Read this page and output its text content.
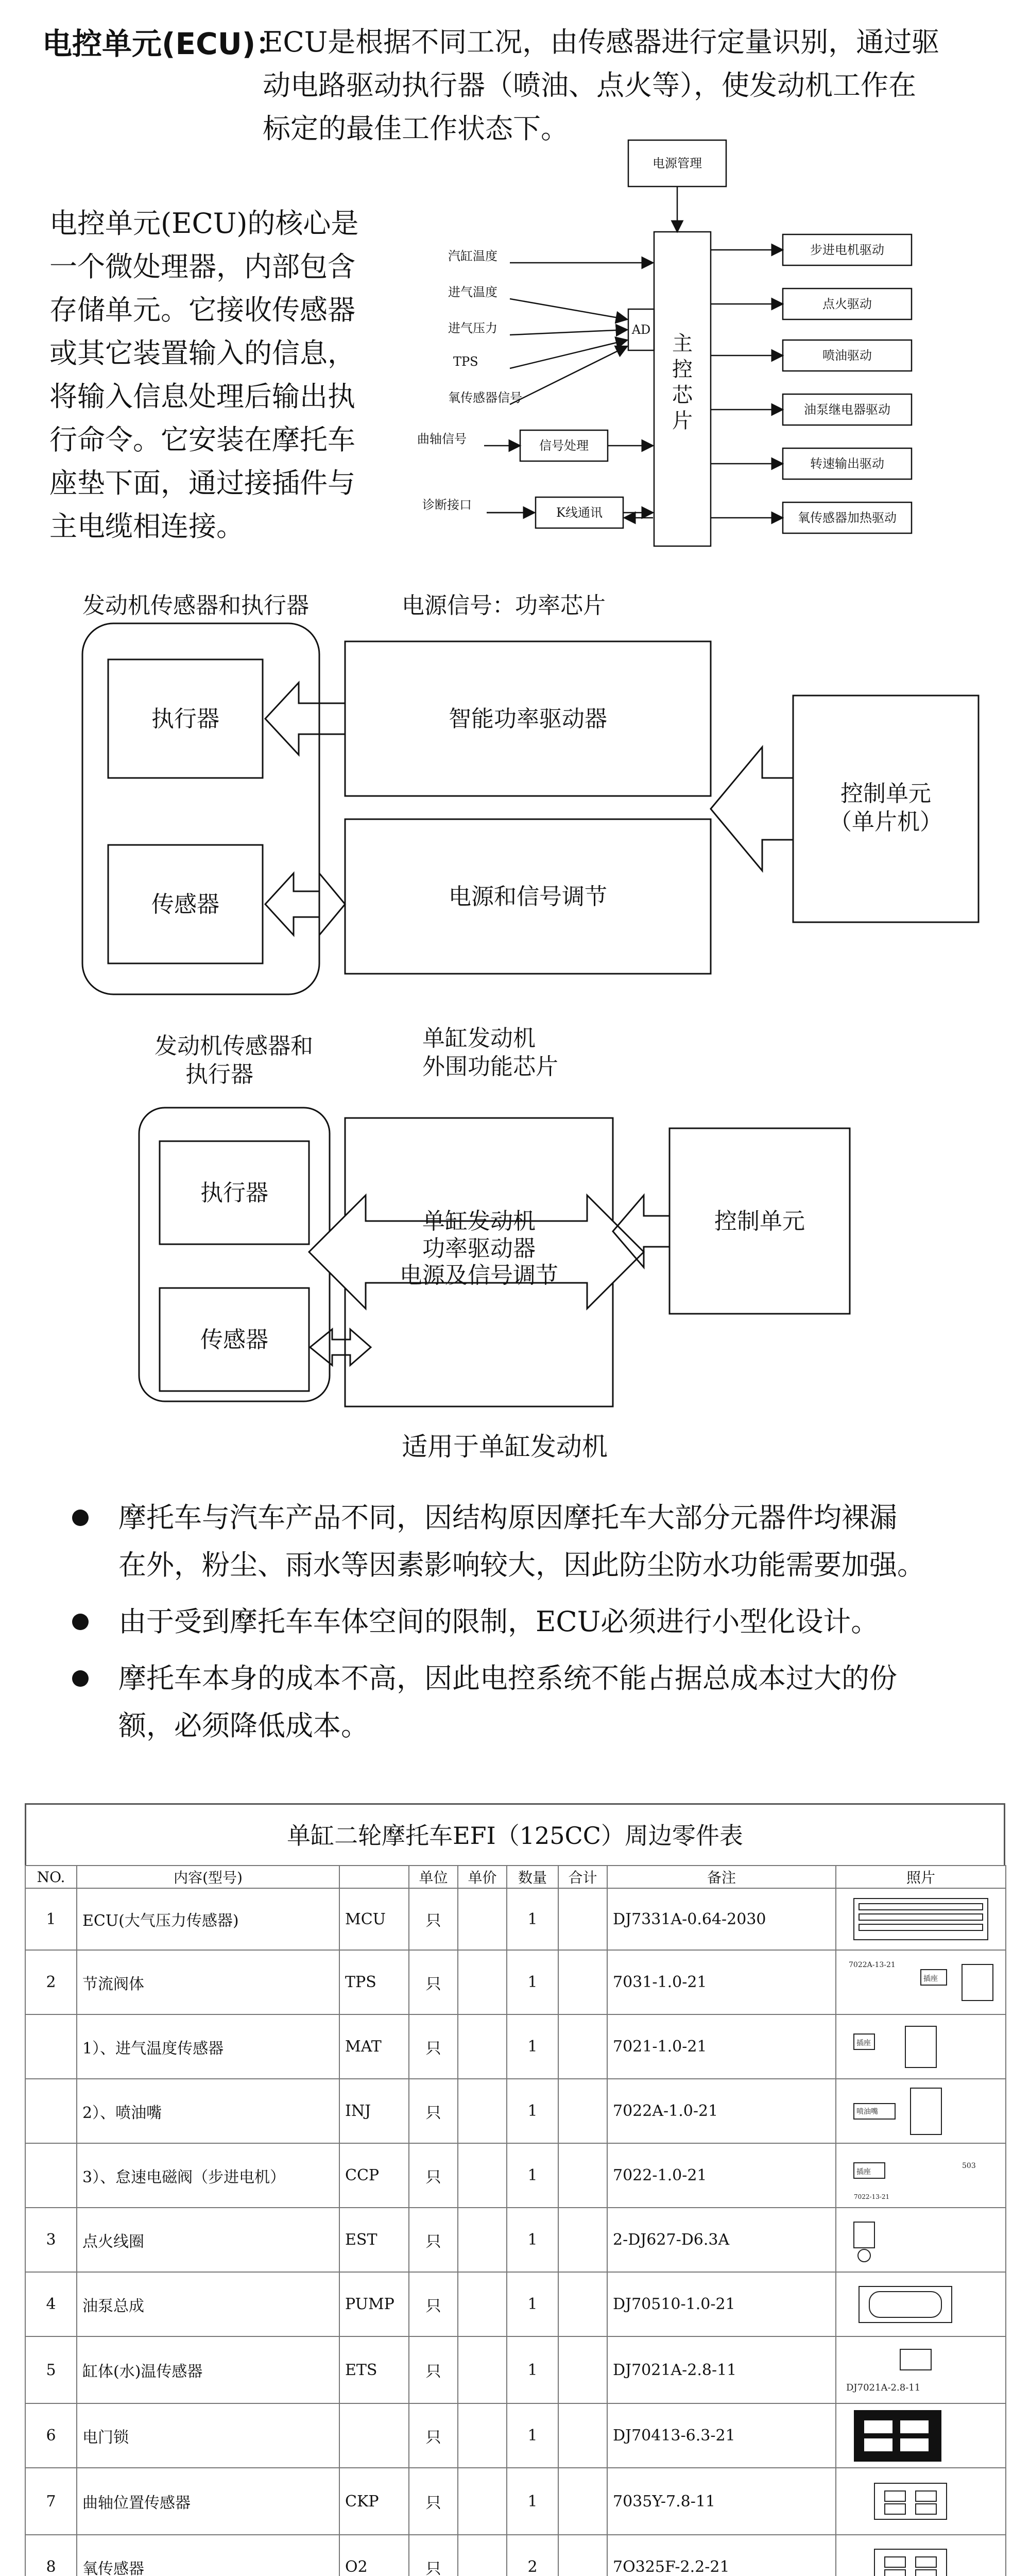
电控单元(ECU)：
ECU是根据不同工况，由传感器进行定量识别，通过驱
动电路驱动执行器（喷油、点火等），使发动机工作在
标定的最佳工作状态下。
电控单元(ECU)的核心是
一个微处理器，内部包含
存储单元。它接收传感器
或其它装置输入的信息，
将输入信息处理后输出执
行命令。它安装在摩托车
座垫下面，通过接插件与
主电缆相连接。
电源管理
汽缸温度
进气温度
进气压力
TPS
氧传感器信号
曲轴信号	信号处理
诊断接口
K线通讯
AD
步进电机驱动
点火驱动
喷油驱动
油泵继电器驱动
转速输出驱动
氧传感器加热驱动
主
控
芯
片
发动机传感器和执行器	电源信号：功率芯片
执行器
传感器
智能功率驱动器
电源和信号调节
控制单元
（单片机）
发动机传感器和
执行器
单缸发动机
外围功能芯片
执行器
传感器
单缸发动机
功率驱动器
电源及信号调节
控制单元
适用于单缸发动机
摩托车与汽车产品不同，因结构原因摩托车大部分元器件均裸漏
在外，粉尘、雨水等因素影响较大，因此防尘防水功能需要加强。
由于受到摩托车车体空间的限制，ECU必须进行小型化设计。
摩托车本身的成本不高，因此电控系统不能占据总成本过大的份
额，必须降低成本。
单缸二轮摩托车EFI（125CC）周边零件表
NO.	内容(型号)		单位	单价	数量	合计	备注	照片
1	ECU(大气压力传感器)	MCU	只		1		DJ7331A-0.64-2030	

2	节流阀体	TPS	只		1		7031-1.0-21	7022A-13-21
插座

	1）、进气温度传感器	MAT	只		1		7021-1.0-21	插座

	2）、喷油嘴	INJ	只		1		7022A-1.0-21	喷油嘴

	3）、怠速电磁阀（步进电机）	CCP	只		1		7022-1.0-21	插座
503
7022-13-21

3	点火线圈	EST	只		1		2-DJ627-D6.3A	

4	油泵总成	PUMP	只		1		DJ70510-1.0-21	

5	缸体(水)温传感器	ETS	只		1		DJ7021A-2.8-11	DJ7021A-2.8-11

6	电门锁		只		1		DJ70413-6.3-21	

7	曲轴位置传感器	CKP	只		1		7035Y-7.8-11	

8	氧传感器	O2	只		2		7O325F-2.2-21	
